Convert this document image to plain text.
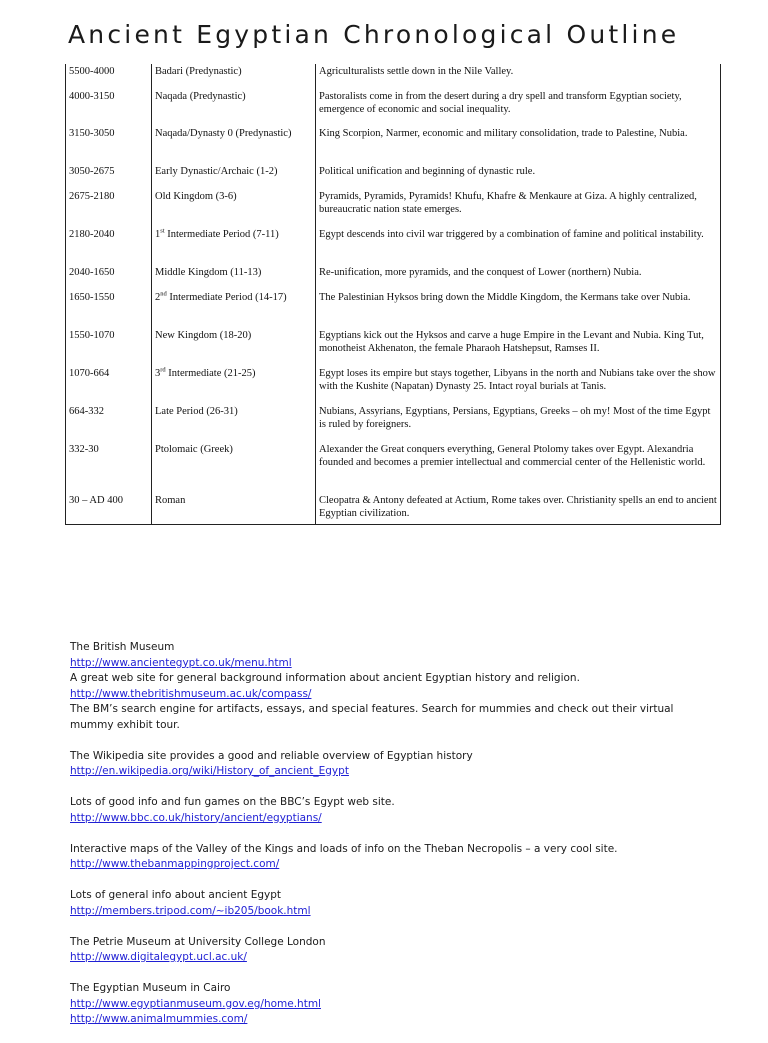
Ancient Egyptian Chronological Outline
5500-4000	Badari (Predynastic)	Agriculturalists settle down in the Nile Valley.
4000-3150	Naqada (Predynastic)	Pastoralists come in from the desert during a dry spell and transform Egyptian society, emergence of economic and social inequality.
3150-3050	Naqada/Dynasty 0 (Predynastic)	King Scorpion, Narmer, economic and military consolidation, trade to Palestine, Nubia.
3050-2675	Early Dynastic/Archaic (1-2)	Political unification and beginning of dynastic rule.
2675-2180	Old Kingdom (3-6)	Pyramids, Pyramids, Pyramids! Khufu, Khafre & Menkaure at Giza. A highly centralized, bureaucratic nation state emerges.
2180-2040	1st Intermediate Period (7-11)	Egypt descends into civil war triggered by a combination of famine and political instability.
2040-1650	Middle Kingdom (11-13)	Re-unification, more pyramids, and the conquest of Lower (northern) Nubia.
1650-1550	2nd Intermediate Period (14-17)	The Palestinian Hyksos bring down the Middle Kingdom, the Kermans take over Nubia.
1550-1070	New Kingdom (18-20)	Egyptians kick out the Hyksos and carve a huge Empire in the Levant and Nubia. King Tut, monotheist Akhenaton, the female Pharaoh Hatshepsut, Ramses II.
1070-664	3rd Intermediate (21-25)	Egypt loses its empire but stays together, Libyans in the north and Nubians take over the show with the Kushite (Napatan) Dynasty 25. Intact royal burials at Tanis.
664-332	Late Period (26-31)	Nubians, Assyrians, Egyptians, Persians, Egyptians, Greeks – oh my! Most of the time Egypt is ruled by foreigners.
332-30	Ptolomaic (Greek)	Alexander the Great conquers everything, General Ptolomy takes over Egypt. Alexandria founded and becomes a premier intellectual and commercial center of the Hellenistic world.
30 – AD 400	Roman	Cleopatra & Antony defeated at Actium, Rome takes over. Christianity spells an end to ancient Egyptian civilization.
The British Museum
http://www.ancientegypt.co.uk/menu.html
A great web site for general background information about ancient Egyptian history and religion.
http://www.thebritishmuseum.ac.uk/compass/
The BM’s search engine for artifacts, essays, and special features. Search for mummies and check out their virtual
mummy exhibit tour.
The Wikipedia site provides a good and reliable overview of Egyptian history
http://en.wikipedia.org/wiki/History_of_ancient_Egypt
Lots of good info and fun games on the BBC’s Egypt web site.
http://www.bbc.co.uk/history/ancient/egyptians/
Interactive maps of the Valley of the Kings and loads of info on the Theban Necropolis – a very cool site.
http://www.thebanmappingproject.com/
Lots of general info about ancient Egypt
http://members.tripod.com/~ib205/book.html
The Petrie Museum at University College London
http://www.digitalegypt.ucl.ac.uk/
The Egyptian Museum in Cairo
http://www.egyptianmuseum.gov.eg/home.html
http://www.animalmummies.com/
